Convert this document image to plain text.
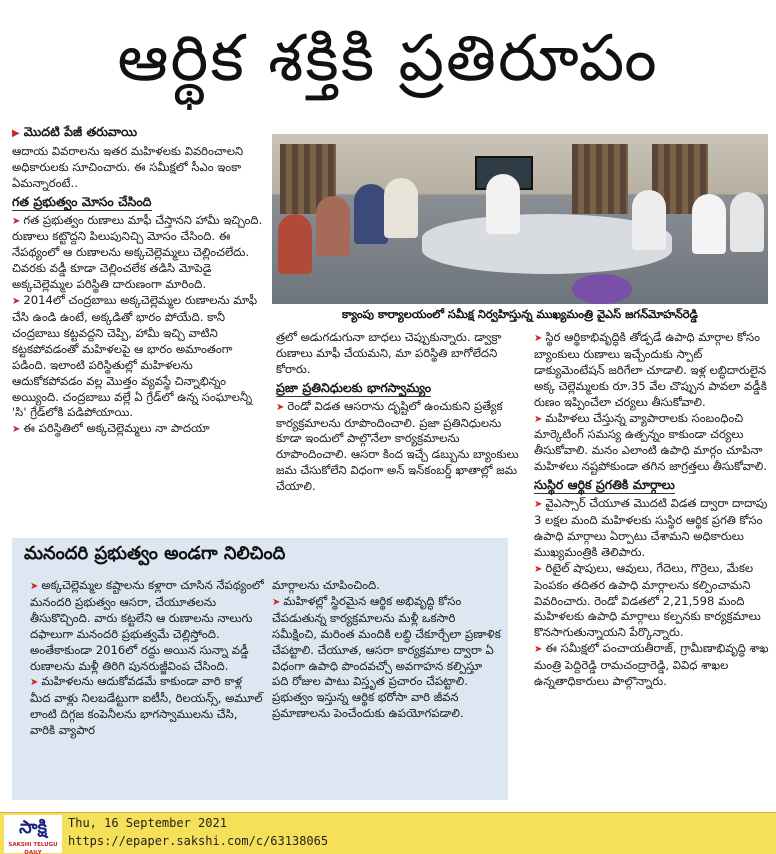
ఆర్థిక శక్తికి ప్రతిరూపం
▶ మొదటి పేజీ తరువాయి

ఆదాయ వివరాలను ఇతర మహిళలకు వివరించాలని అధికారులకు సూచించారు. ఈ సమీక్షలో సీఎం ఇంకా ఏమన్నారంటే..

గత ప్రభుత్వం మోసం చేసింది

➤ గత ప్రభుత్వం రుణాలు మాఫీ చేస్తానని హామీ ఇచ్చింది. రుణాలు కట్టొద్దని పిలుపునిచ్చి మోసం చేసింది. ఈ నేపథ్యంలో ఆ రుణాలను అక్కచెల్లెమ్మలు చెల్లించలేదు. చివరకు వడ్డీ కూడా చెల్లించలేక తడిసి మోపెడై అక్కచెల్లెమ్మల పరిస్థితి దారుణంగా మారింది.

➤ 2014లో చంద్రబాబు అక్కచెల్లెమ్మల రుణాలను మాఫీ చేసి ఉండి ఉంటే, అక్కడితో భారం పోయేది. కానీ చంద్రబాబు కట్టవద్దని చెప్పి, హామీ ఇచ్చి వాటిని కట్టకపోవడంతో మహిళలపై ఆ భారం అమాంతంగా పడింది. ఇలాంటి పరిస్థితుల్లో మహిళలను ఆదుకోకపోవడం వల్ల మొత్తం వ్యవస్థే చిన్నాభిన్నం అయ్యింది. చంద్రబాబు వల్లే ఏ గ్రేడ్‌లో ఉన్న సంఘాలన్నీ 'సి' గ్రేడ్‌లోకి పడిపోయాయి.

➤ ఈ పరిస్థితిలో అక్కచెల్లెమ్మలు నా పాదయా

క్యాంపు కార్యాలయంలో సమీక్ష నిర్వహిస్తున్న ముఖ్యమంత్రి వైఎస్ జగన్‌మోహన్‌రెడ్డి

త్రలో అడుగడుగునా బాధలు చెప్పుకున్నారు. డ్వాక్రా రుణాలు మాఫీ చేయమని, మా పరిస్థితి బాగోలేదని కోరారు.

ప్రజా ప్రతినిధులకు భాగస్వామ్యం

➤ రెండో విడత ఆసరాను దృష్టిలో ఉంచుకుని ప్రత్యేక కార్యక్రమాలను రూపొందించాలి. ప్రజా ప్రతినిధులను కూడా ఇందులో పాల్గొనేలా కార్యక్రమాలను రూపొందించాలి. ఆసరా కింద ఇచ్చే డబ్బును బ్యాంకులు జమ చేసుకోలేని విధంగా అన్ ఇన్‌కంబర్డ్ ఖాతాల్లో జమ చేయాలి.

➤ స్థిర ఆర్థికాభివృద్ధికి తోడ్పడే ఉపాధి మార్గాల కోసం బ్యాంకులు రుణాలు ఇచ్చేందుకు స్పాట్ డాక్యుమెంటేషన్ జరిగేలా చూడాలి. ఇళ్ల లబ్ధిదారులైన అక్క చెల్లెమ్మలకు రూ.35 వేల చొప్పున పావలా వడ్డీకి రుణం ఇప్పించేలా చర్యలు తీసుకోవాలి.

➤ మహిళలు చేస్తున్న వ్యాపారాలకు సంబంధించి మార్కెటింగ్ సమస్య ఉత్పన్నం కాకుండా చర్యలు తీసుకోవాలి. మనం ఎలాంటి ఉపాధి మార్గం చూపినా మహిళలు నష్టపోకుండా తగిన జాగ్రత్తలు తీసుకోవాలి.

సుస్థిర ఆర్థిక ప్రగతికి మార్గాలు

➤ వైఎస్సార్ చేయూత మొదటి విడత ద్వారా దాదాపు 3 లక్షల మంది మహిళలకు సుస్థిర ఆర్థిక ప్రగతి కోసం ఉపాధి మార్గాలు ఏర్పాటు చేశామని అధికారులు ముఖ్యమంత్రికి తెలిపారు.

➤ రిటైల్ షాపులు, ఆవులు, గేదెలు, గొర్రెలు, మేకల పెంపకం తదితర ఉపాధి మార్గాలను కల్పించామని వివరించారు. రెండో విడతలో 2,21,598 మంది మహిళలకు ఉపాధి మార్గాలు కల్పనకు కార్యక్రమాలు కొనసాగుతున్నాయని పేర్కొన్నారు.

➤ ఈ సమీక్షలో పంచాయతీరాజ్, గ్రామీణాభివృద్ధి శాఖ మంత్రి పెద్దిరెడ్డి రామచంద్రారెడ్డి, వివిధ శాఖల ఉన్నతాధికారులు పాల్గొన్నారు.

మనందరి ప్రభుత్వం అండగా నిలిచింది

➤ అక్కచెల్లెమ్మల కష్టాలను కళ్లారా చూసిన నేపథ్యంలో మనందరి ప్రభుత్వం ఆసరా, చేయూతలను తీసుకొచ్చింది. వారు కట్టలేని ఆ రుణాలను నాలుగు దఫాలుగా మనందరి ప్రభుత్వమే చెల్లిస్తోంది. అంతేకాకుండా 2016లో రద్దు అయిన సున్నా వడ్డీ రుణాలను మళ్లీ తిరిగి పునరుజ్జీవింప చేసింది.

➤ మహిళలను ఆదుకోవడమే కాకుండా వారి కాళ్ల మీద వాళ్లు నిలబడేట్టుగా ఐటీసీ, రిలయన్స్, అమూల్ లాంటి దిగ్గజ కంపెనీలను భాగస్వాములను చేసి, వారికి వ్యాపార

మార్గాలను చూపించింది.

➤ మహిళల్లో స్థిరమైన ఆర్థిక అభివృద్ధి కోసం చేపడుతున్న కార్యక్రమాలను మళ్లీ ఒకసారి సమీక్షించి, మరింత మందికి లబ్ధి చేకూర్చేలా ప్రణాళిక చేపట్టాలి. చేయూత, ఆసరా కార్యక్రమాల ద్వారా ఏ విధంగా ఉపాధి పొందవచ్చో అవగాహన కల్పిస్తూ పది రోజుల పాటు విస్తృత ప్రచారం చేపట్టాలి. ప్రభుత్వం ఇస్తున్న ఆర్థిక భరోసా వారి జీవన ప్రమాణాలను పెంచేందుకు ఉపయోగపడాలి.

సాక్షి
SAKSHI TELUGU DAILY
Thu, 16 September 2021
https://epaper.sakshi.com/c/63138065
